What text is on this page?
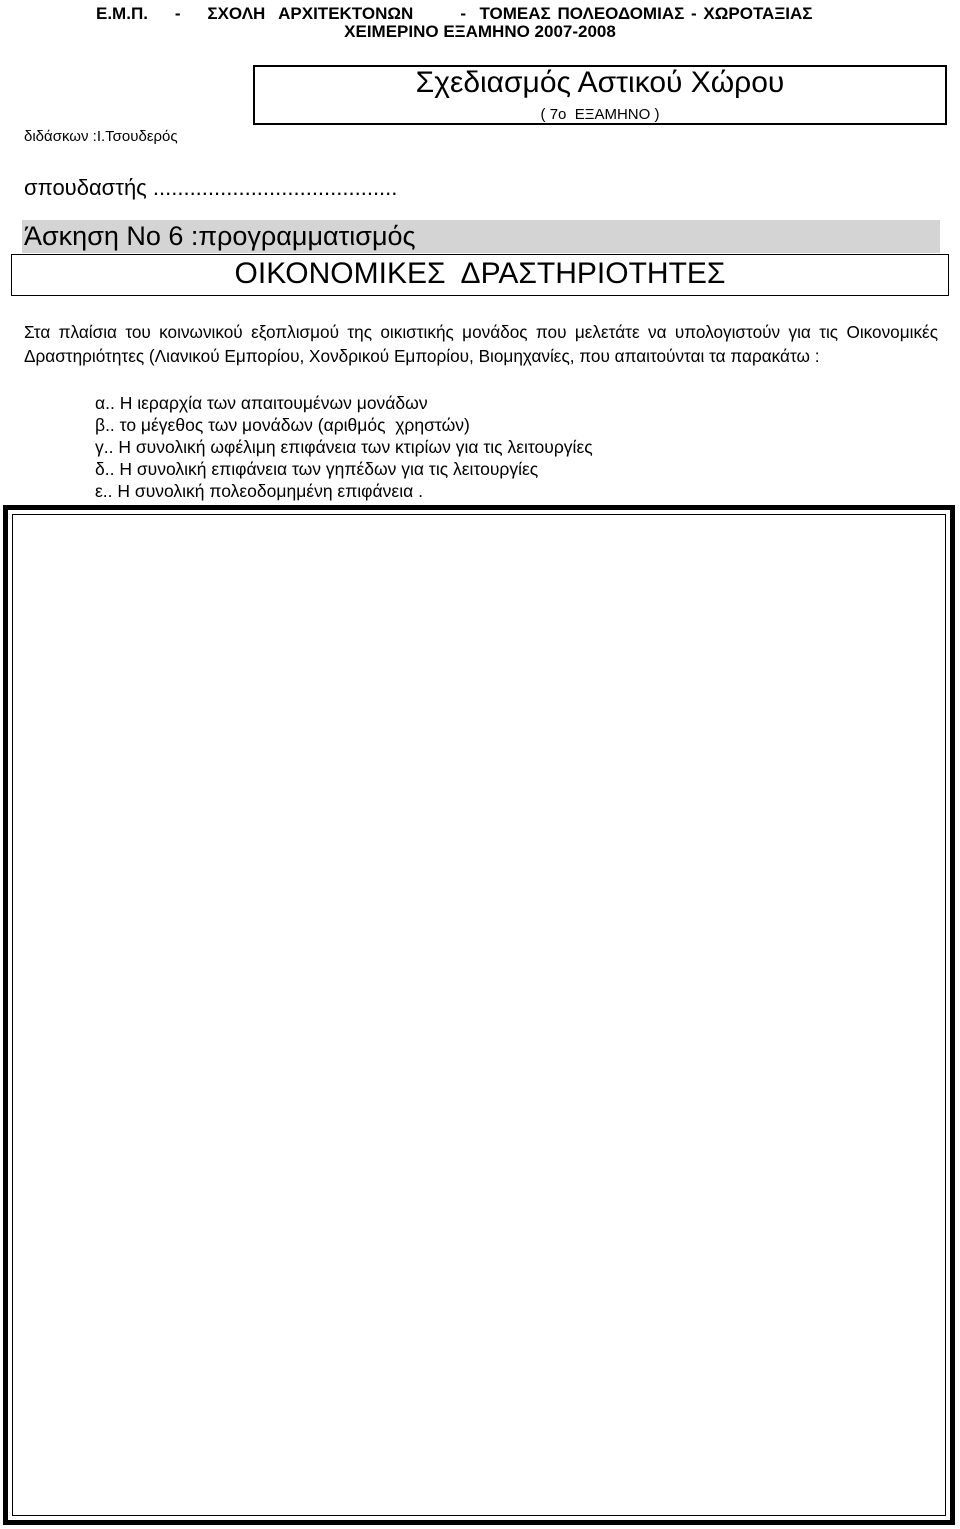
Ε.Μ.Π.    -    ΣΧΟΛΗ  ΑΡΧΙΤΕΚΤΟΝΩΝ       -  ΤΟΜΕΑΣ ΠΟΛΕΟΔΟΜΙΑΣ - ΧΩΡΟΤΑΞΙΑΣ
ΧΕΙΜΕΡΙΝΟ ΕΞΑΜΗΝΟ 2007-2008
Σχεδιασμός Αστικού Χώρου
( 7ο  ΕΞΑΜΗΝΟ )
διδάσκων :Ι.Τσουδερός
σπουδαστής ........................................
Άσκηση Νο 6 :προγραμματισμός
ΟΙΚΟΝΟΜΙΚΕΣ  ΔΡΑΣΤΗΡΙΟΤΗΤΕΣ
Στα πλαίσια του κοινωνικού εξοπλισμού της οικιστικής μονάδος που μελετάτε να υπολογιστούν για τις Οικονομικές Δραστηριότητες (Λιανικού Εμπορίου, Χονδρικού Εμπορίου, Βιομηχανίες, που απαιτούνται τα παρακάτω :
α.. Η ιεραρχία των απαιτουμένων μονάδων
β.. το μέγεθος των μονάδων (αριθμός  χρηστών)
γ.. Η συνολική ωφέλιμη επιφάνεια των κτιρίων για τις λειτουργίες
δ.. Η συνολική επιφάνεια των γηπέδων για τις λειτουργίες
ε.. Η συνολική πολεοδομημένη επιφάνεια .
